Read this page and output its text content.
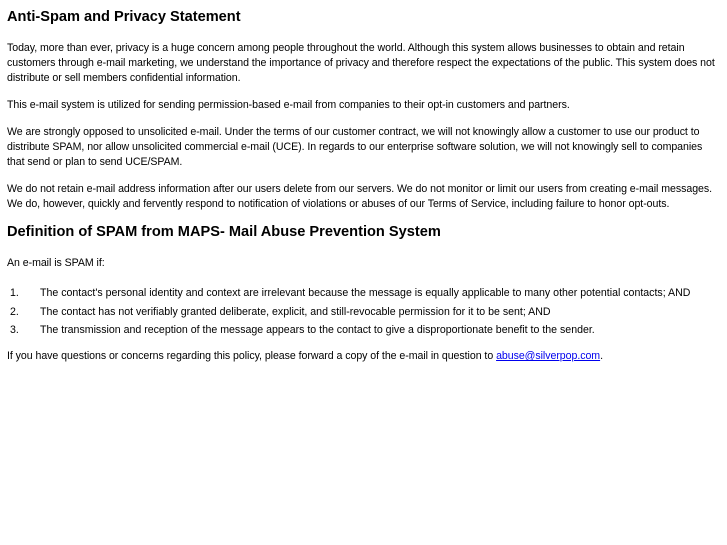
Anti-Spam and Privacy Statement

Today, more than ever, privacy is a huge concern among people throughout the world. Although this system allows businesses to obtain and retain customers through e-mail marketing, we understand the importance of privacy and therefore respect the expectations of the public. This system does not distribute or sell members confidential information.

This e-mail system is utilized for sending permission-based e-mail from companies to their opt-in customers and partners.

We are strongly opposed to unsolicited e-mail. Under the terms of our customer contract, we will not knowingly allow a customer to use our product to distribute SPAM, nor allow unsolicited commercial e-mail (UCE). In regards to our enterprise software solution, we will not knowingly sell to companies that send or plan to send UCE/SPAM.

We do not retain e-mail address information after our users delete from our servers. We do not monitor or limit our users from creating e-mail messages. We do, however, quickly and fervently respond to notification of violations or abuses of our Terms of Service, including failure to honor opt-outs.

Definition of SPAM from MAPS- Mail Abuse Prevention System

An e-mail is SPAM if:

1.	The contact's personal identity and context are irrelevant because the message is equally applicable to many other potential contacts; AND
2.	The contact has not verifiably granted deliberate, explicit, and still-revocable permission for it to be sent; AND
3.	The transmission and reception of the message appears to the contact to give a disproportionate benefit to the sender.

If you have questions or concerns regarding this policy, please forward a copy of the e-mail in question to abuse@silverpop.com.
